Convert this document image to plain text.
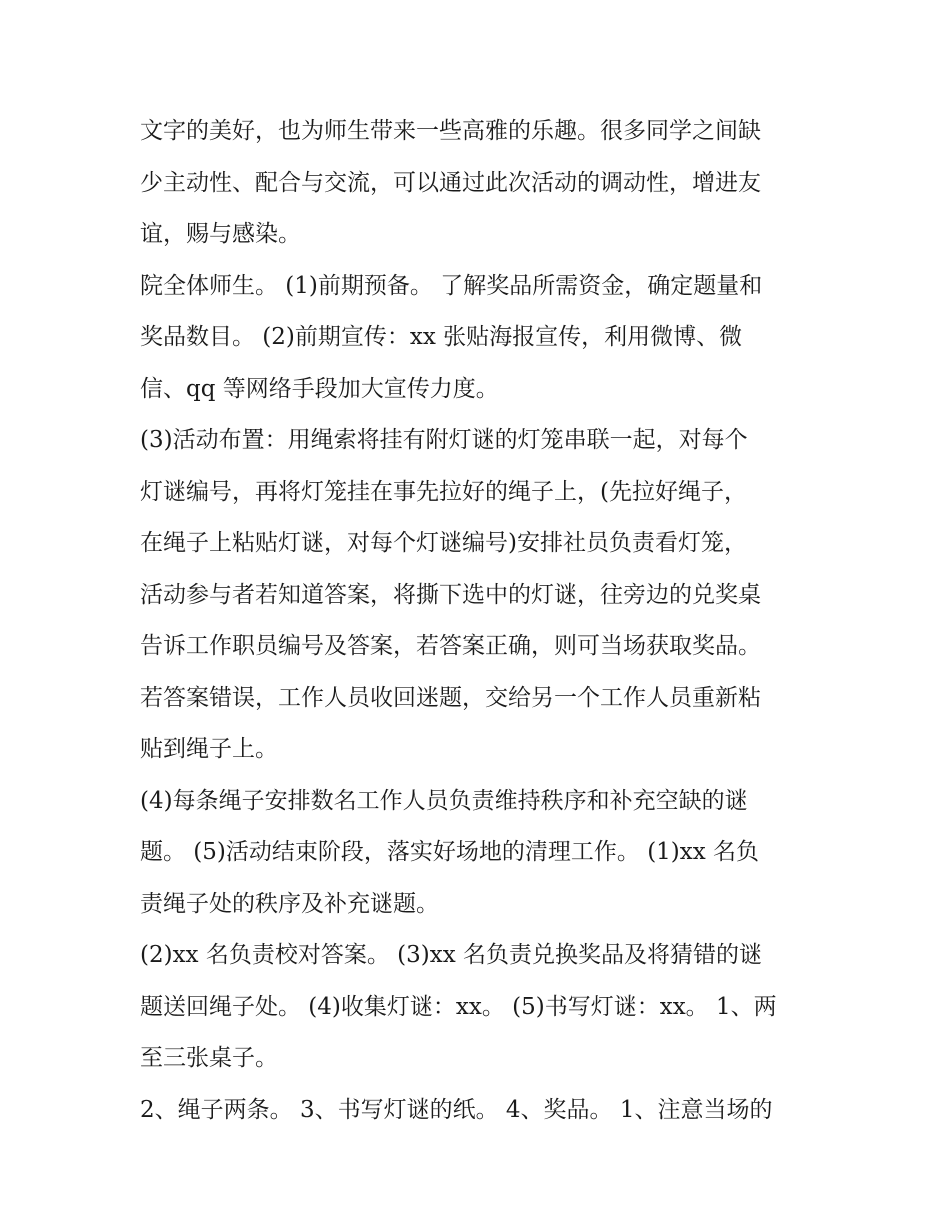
文字的美好，也为师生带来一些高雅的乐趣。很多同学之间缺

少主动性、配合与交流，可以通过此次活动的调动性，增进友

谊，赐与感染。

院全体师生。 (1)前期预备。 了解奖品所需资金，确定题量和

奖品数目。 (2)前期宣传：xx 张贴海报宣传，利用微博、微

信、qq 等网络手段加大宣传力度。

(3)活动布置：用绳索将挂有附灯谜的灯笼串联一起，对每个

灯谜编号，再将灯笼挂在事先拉好的绳子上，(先拉好绳子，

在绳子上粘贴灯谜，对每个灯谜编号)安排社员负责看灯笼，

活动参与者若知道答案，将撕下选中的灯谜，往旁边的兑奖桌

告诉工作职员编号及答案，若答案正确，则可当场获取奖品。

若答案错误，工作人员收回迷题，交给另一个工作人员重新粘

贴到绳子上。

(4)每条绳子安排数名工作人员负责维持秩序和补充空缺的谜

题。 (5)活动结束阶段，落实好场地的清理工作。 (1)xx 名负

责绳子处的秩序及补充谜题。

(2)xx 名负责校对答案。 (3)xx 名负责兑换奖品及将猜错的谜

题送回绳子处。 (4)收集灯谜：xx。 (5)书写灯谜：xx。 1、两

至三张桌子。

2、绳子两条。 3、书写灯谜的纸。 4、奖品。 1、注意当场的
